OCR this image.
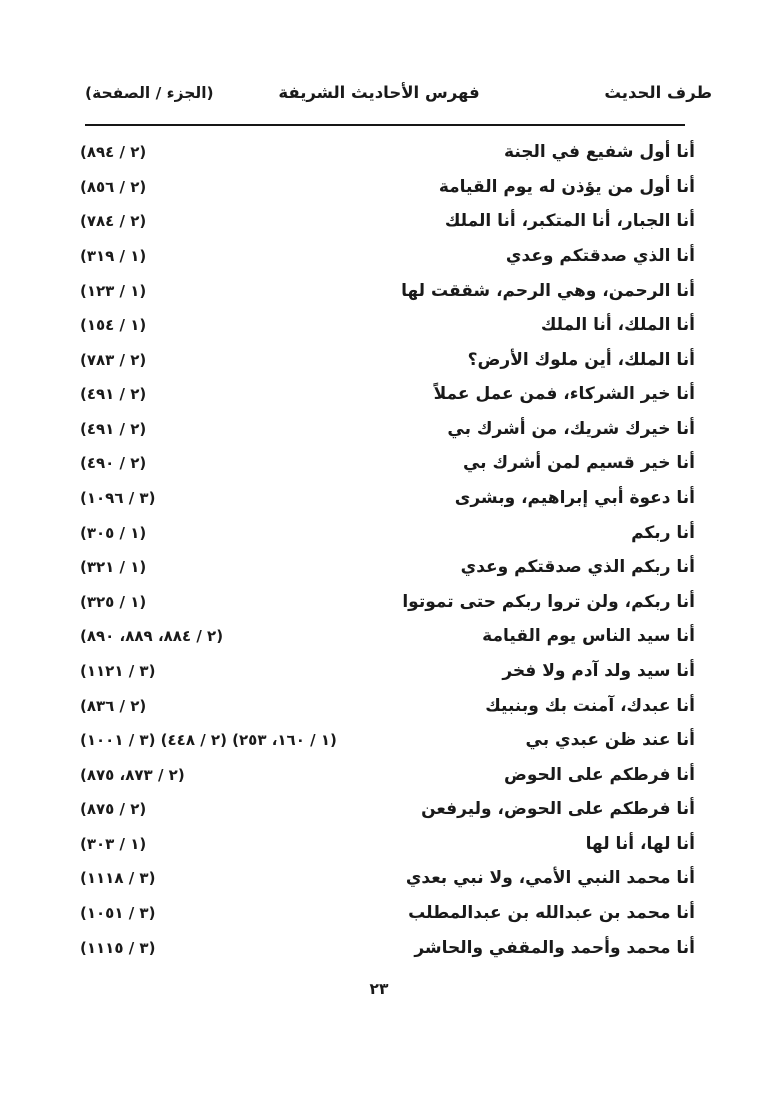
طرف الحديث
فهرس الأحاديث الشريفة
(الجزء / الصفحة)
أنا أول شفيع في الجنة
(٢ / ٨٩٤)
أنا أول من يؤذن له يوم القيامة
(٢ / ٨٥٦)
أنا الجبار، أنا المتكبر، أنا الملك
(٢ / ٧٨٤)
أنا الذي صدقتكم وعدي
(١ / ٣١٩)
أنا الرحمن، وهي الرحم، شققت لها
(١ / ١٢٣)
أنا الملك، أنا الملك
(١ / ١٥٤)
أنا الملك، أين ملوك الأرض؟
(٢ / ٧٨٣)
أنا خير الشركاء، فمن عمل عملاً
(٢ / ٤٩١)
أنا خيرك شريك، من أشرك بي
(٢ / ٤٩١)
أنا خير قسيم لمن أشرك بي
(٢ / ٤٩٠)
أنا دعوة أبي إبراهيم، وبشرى
(٣ / ١٠٩٦)
أنا ربكم
(١ / ٣٠٥)
أنا ربكم الذي صدقتكم وعدي
(١ / ٣٢١)
أنا ربكم، ولن تروا ربكم حتى تموتوا
(١ / ٣٢٥)
أنا سيد الناس يوم القيامة
(٢ / ٨٨٤، ٨٨٩، ٨٩٠)
أنا سيد ولد آدم ولا فخر
(٣ / ١١٢١)
أنا عبدك، آمنت بك وبنبيك
(٢ / ٨٣٦)
أنا عند ظن عبدي بي
(١ / ١٦٠، ٢٥٣) (٢ / ٤٤٨) (٣ / ١٠٠١)
أنا فرطكم على الحوض
(٢ / ٨٧٣، ٨٧٥)
أنا فرطكم على الحوض، وليرفعن
(٢ / ٨٧٥)
أنا لها، أنا لها
(١ / ٣٠٣)
أنا محمد النبي الأمي، ولا نبي بعدي
(٣ / ١١١٨)
أنا محمد بن عبدالله بن عبدالمطلب
(٣ / ١٠٥١)
أنا محمد وأحمد والمقفي والحاشر
(٣ / ١١١٥)
٢٣
